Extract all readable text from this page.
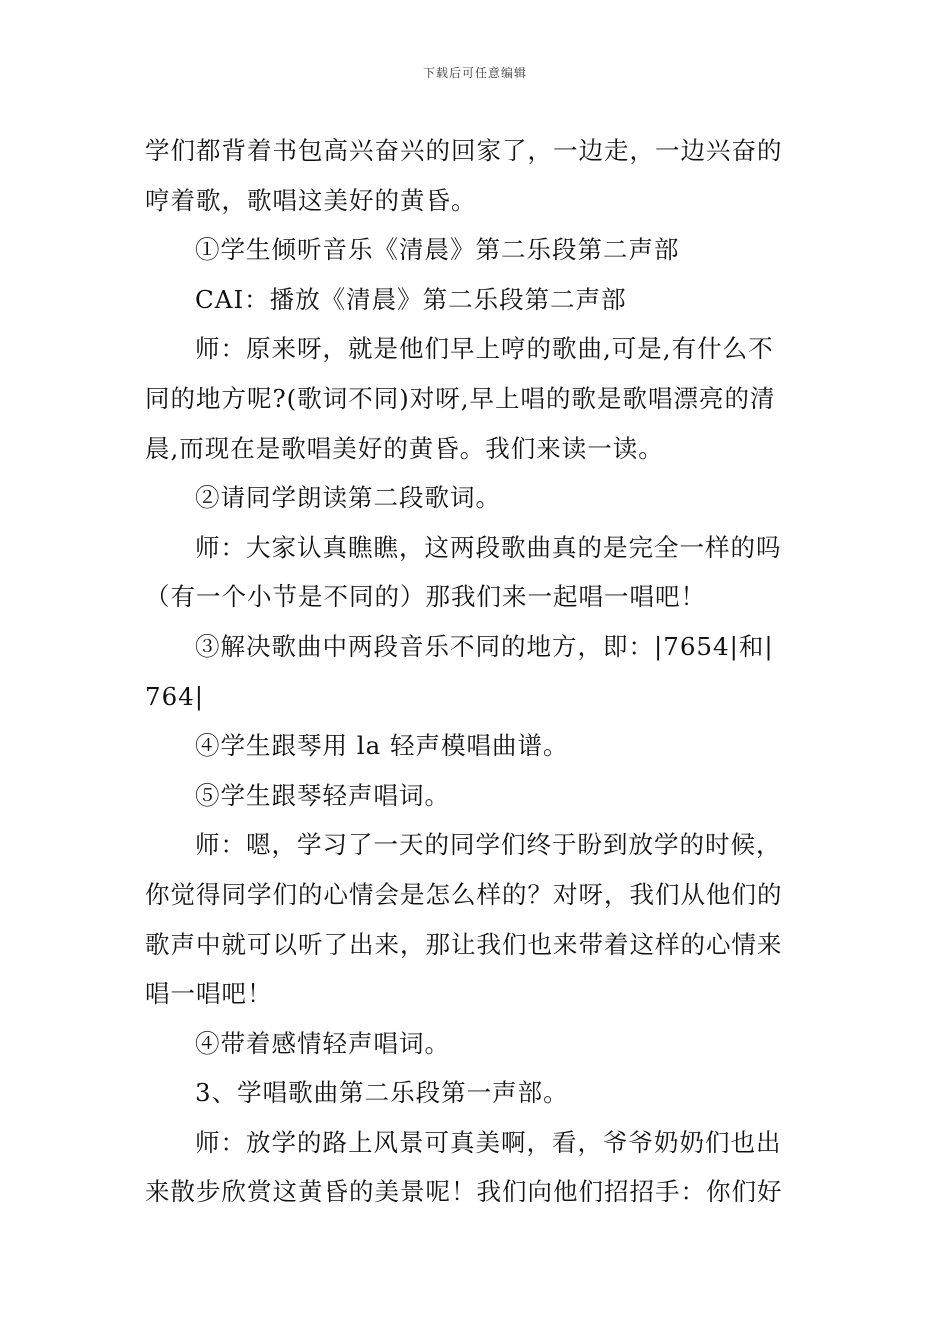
下载后可任意编辑
学们都背着书包高兴奋兴的回家了，一边走，一边兴奋的
哼着歌，歌唱这美好的黄昏。
①学生倾听音乐《清晨》第二乐段第二声部
CAI：播放《清晨》第二乐段第二声部
师：原来呀，就是他们早上哼的歌曲,可是,有什么不
同的地方呢?(歌词不同)对呀,早上唱的歌是歌唱漂亮的清
晨,而现在是歌唱美好的黄昏。我们来读一读。
②请同学朗读第二段歌词。
师：大家认真瞧瞧，这两段歌曲真的是完全一样的吗
（有一个小节是不同的）那我们来一起唱一唱吧！
③解决歌曲中两段音乐不同的地方，即：|7654|和|
764|
④学生跟琴用 la 轻声模唱曲谱。
⑤学生跟琴轻声唱词。
师：嗯，学习了一天的同学们终于盼到放学的时候，
你觉得同学们的心情会是怎么样的？对呀，我们从他们的
歌声中就可以听了出来，那让我们也来带着这样的心情来
唱一唱吧！
④带着感情轻声唱词。
3、学唱歌曲第二乐段第一声部。
师：放学的路上风景可真美啊，看，爷爷奶奶们也出
来散步欣赏这黄昏的美景呢！我们向他们招招手：你们好
